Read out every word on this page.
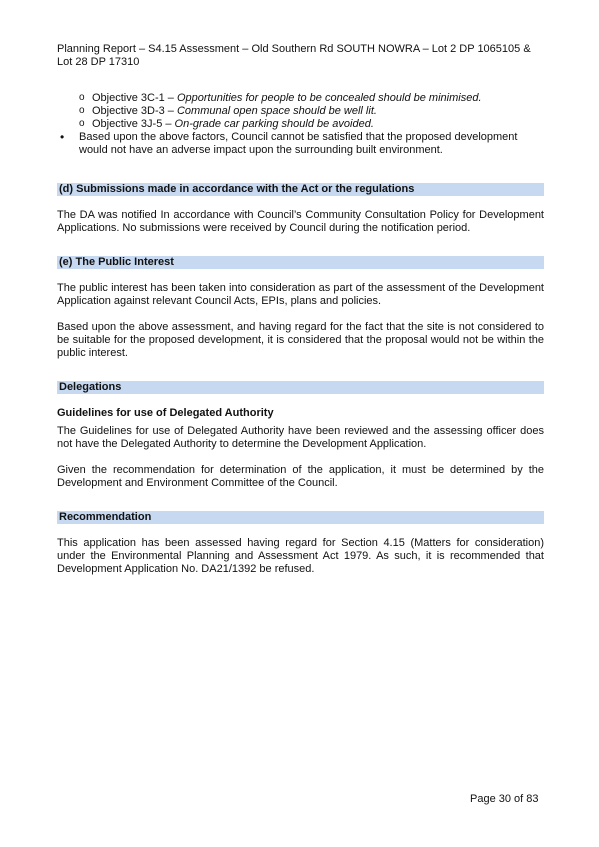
Planning Report – S4.15 Assessment – Old Southern Rd SOUTH NOWRA – Lot 2 DP 1065105 & Lot 28 DP 17310
o Objective 3C-1 – Opportunities for people to be concealed should be minimised.
o Objective 3D-3 – Communal open space should be well lit.
o Objective 3J-5 – On-grade car parking should be avoided.
• Based upon the above factors, Council cannot be satisfied that the proposed development would not have an adverse impact upon the surrounding built environment.
(d) Submissions made in accordance with the Act or the regulations

The DA was notified In accordance with Council’s Community Consultation Policy for Development Applications. No submissions were received by Council during the notification period.

(e) The Public Interest

The public interest has been taken into consideration as part of the assessment of the Development Application against relevant Council Acts, EPIs, plans and policies.

Based upon the above assessment, and having regard for the fact that the site is not considered to be suitable for the proposed development, it is considered that the proposal would not be within the public interest.

Delegations
Guidelines for use of Delegated Authority

The Guidelines for use of Delegated Authority have been reviewed and the assessing officer does not have the Delegated Authority to determine the Development Application.

Given the recommendation for determination of the application, it must be determined by the Development and Environment Committee of the Council.

Recommendation

This application has been assessed having regard for Section 4.15 (Matters for consideration) under the Environmental Planning and Assessment Act 1979. As such, it is recommended that Development Application No. DA21/1392 be refused.

Page 30 of 83
